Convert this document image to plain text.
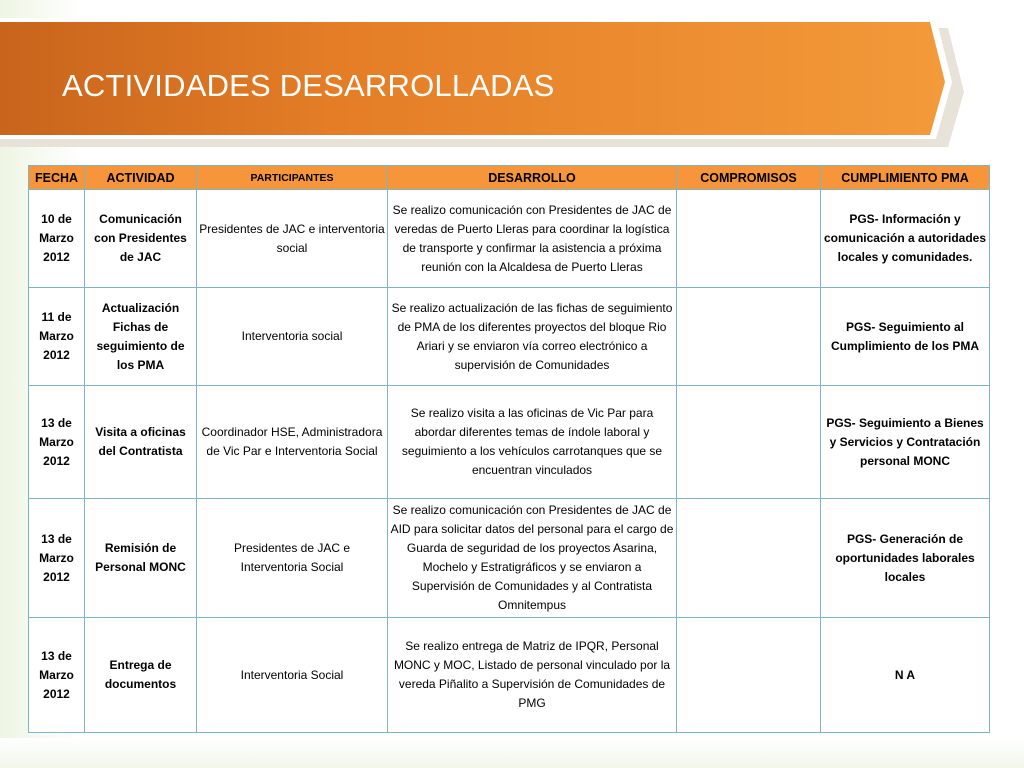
ACTIVIDADES DESARROLLADAS
FECHA	ACTIVIDAD	PARTICIPANTES	DESARROLLO	COMPROMISOS	CUMPLIMIENTO PMA
10 de Marzo 2012	Comunicación con Presidentes de JAC	Presidentes de JAC e interventoria social	Se realizo comunicación con Presidentes de JAC de veredas de Puerto Lleras para coordinar la logística de transporte y confirmar la asistencia a próxima reunión con la Alcaldesa de Puerto Lleras		PGS- Información y comunicación a autoridades locales y comunidades.
11 de Marzo 2012	Actualización Fichas de seguimiento de los PMA	Interventoria social	Se realizo actualización de las fichas de seguimiento de PMA de los diferentes proyectos del bloque Rio Ariari y se enviaron vía correo electrónico a supervisión de Comunidades		PGS- Seguimiento al Cumplimiento de los PMA
13 de Marzo 2012	Visita a oficinas del Contratista	Coordinador HSE, Administradora de Vic Par e Interventoria Social	Se realizo visita a las oficinas de Vic Par para abordar diferentes temas de índole laboral y seguimiento a los vehículos carrotanques que se encuentran vinculados		PGS- Seguimiento a Bienes y Servicios y Contratación personal MONC
13 de Marzo 2012	Remisión de Personal MONC	Presidentes de JAC e Interventoria Social	Se realizo comunicación con Presidentes de JAC de AID para solicitar datos del personal para el cargo de Guarda de seguridad de los proyectos Asarina, Mochelo y Estratigráficos y se enviaron a Supervisión de Comunidades y al Contratista Omnitempus		PGS- Generación de oportunidades laborales locales
13 de Marzo 2012	Entrega de documentos	Interventoria Social	Se realizo entrega de Matriz de IPQR, Personal MONC y MOC, Listado de personal vinculado por la vereda Piñalito a Supervisión de Comunidades de PMG		N A
